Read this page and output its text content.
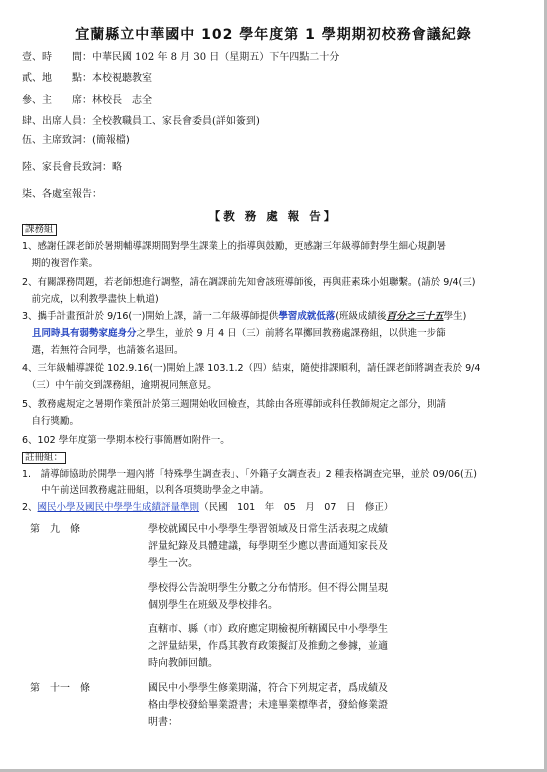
宜蘭縣立中華國中 102 學年度第 1 學期期初校務會議紀錄
壹、時　　間：中華民國 102 年 8 月 30 日（星期五）下午四點二十分
貳、地　　點：本校視聽教室
參、主　　席：林校長　志全
肆、出席人員：全校教職員工、家長會委員(詳如簽到)
伍、主席致詞：(簡報檔)
陸、家長會長致詞：略
柒、各處室報告：
【教 務 處 報 告】
課務組
1、感謝任課老師於暑期輔導課期間對學生課業上的指導與鼓勵，更感謝三年級導師對學生細心規劃暑
　期的複習作業。
2、有關課務問題，若老師想進行調整，請在調課前先知會該班導師後，再與莊素珠小姐聯繫。(請於 9/4(三)
　前完成，以利教學盡快上軌道)
3、攜手計畫預計於 9/16(一)開始上課，請一二年級導師提供學習成就低落(班級成績後百分之三十五學生)
且同時具有弱勢家庭身分之學生，並於 9 月 4 日（三）前將名單擲回教務處課務組，以供進一步篩
　選，若無符合同學，也請簽名退回。
4、三年級輔導課從 102.9.16(一)開始上課 103.1.2（四）結束，隨使排課順利，請任課老師將調查表於 9/4
　（三）中午前交到課務組，逾期視同無意見。
5、教務處規定之暑期作業預計於第三週開始收回檢查，其餘由各班導師或科任教師規定之部分，則請
　自行獎勵。
6、102 學年度第一學期本校行事簡曆如附件一。
註冊組：
1.　請導師協助於開學一週內將「特殊學生調查表」、「外籍子女調查表」2 種表格調查完畢，並於 09/06(五)
　　中午前送回教務處註冊組，以利各項獎助學金之申請。
2、國民小學及國民中學學生成績評量準則（民國　101　年　05　月　07　日　修正）
第　九　條	學校就國民中小學學生學習領域及日常生活表現之成績
評量紀錄及具體建議，每學期至少應以書面通知家長及
學生一次。
學校得公告說明學生分數之分布情形。但不得公開呈現
個別學生在班級及學校排名。
直轄市、縣（市）政府應定期檢視所轄國民中小學學生
之評量結果，作爲其教育政策擬訂及推動之參據，並適
時向教師回饋。
第　十一　條	國民中小學學生修業期滿，符合下列規定者，爲成績及
格由學校發給畢業證書；未達畢業標準者，發給修業證
明書：
